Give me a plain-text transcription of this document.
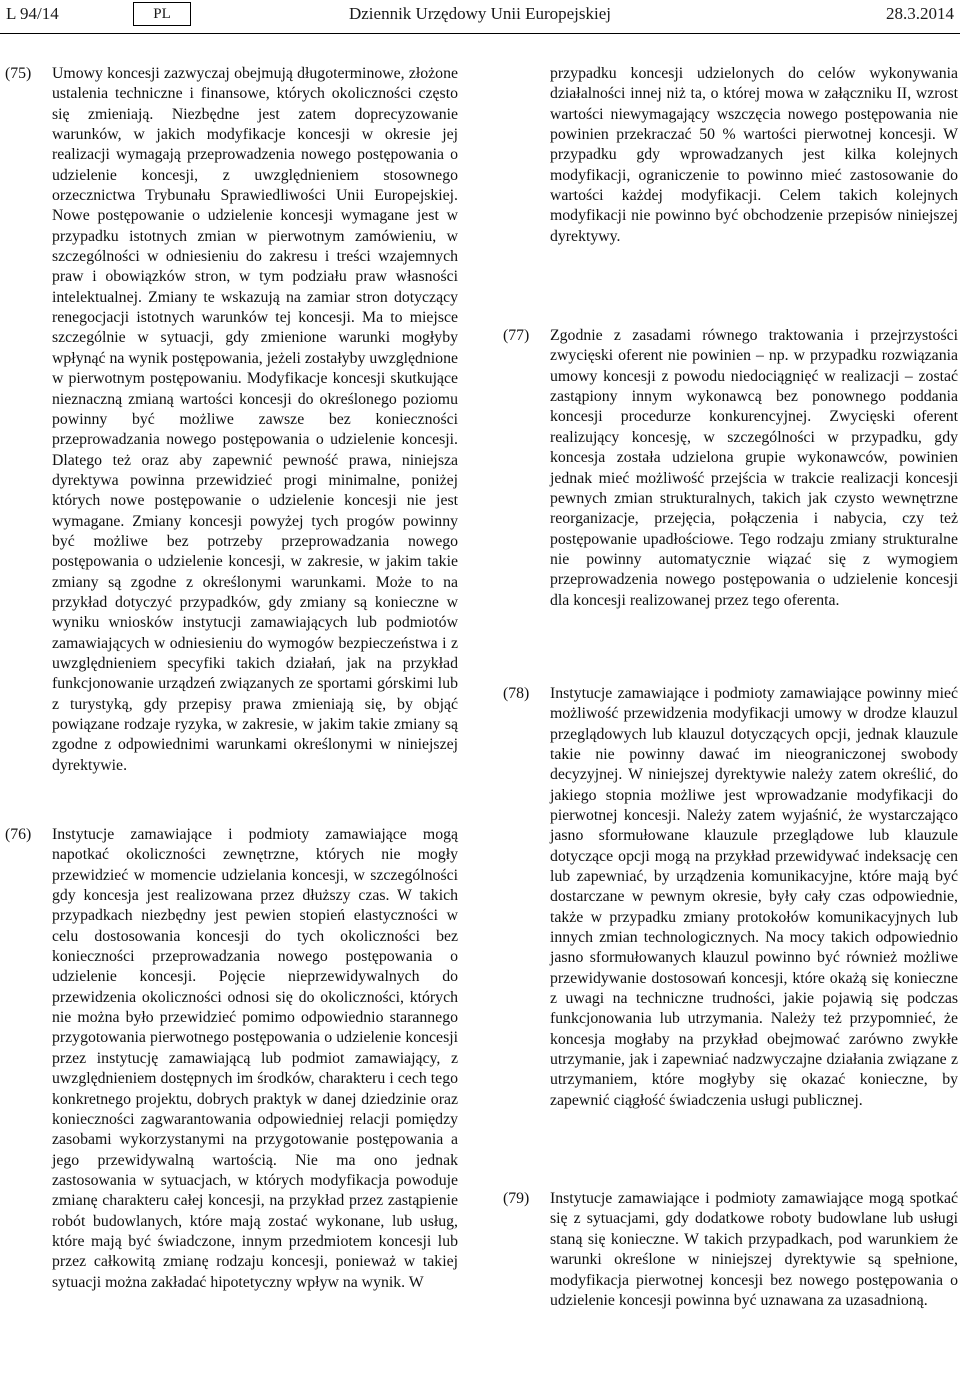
L 94/14	PL	Dziennik Urzędowy Unii Europejskiej	28.3.2014
(75) Umowy koncesji zazwyczaj obejmują długoterminowe, złożone ustalenia techniczne i finansowe, których okoliczności często się zmieniają. Niezbędne jest zatem doprecyzowanie warunków, w jakich modyfikacje koncesji w okresie jej realizacji wymagają przeprowadzenia nowego postępowania o udzielenie koncesji, z uwzględnieniem stosownego orzecznictwa Trybunału Sprawiedliwości Unii Europejskiej. Nowe postępowanie o udzielenie koncesji wymagane jest w przypadku istotnych zmian w pierwotnym zamówieniu, w szczególności w odniesieniu do zakresu i treści wzajemnych praw i obowiązków stron, w tym podziału praw własności intelektualnej. Zmiany te wskazują na zamiar stron dotyczący renegocjacji istotnych warunków tej koncesji. Ma to miejsce szczególnie w sytuacji, gdy zmienione warunki mogłyby wpłynąć na wynik postępowania, jeżeli zostałyby uwzględnione w pierwotnym postępowaniu. Modyfikacje koncesji skutkujące nieznaczną zmianą wartości koncesji do określonego poziomu powinny być możliwe zawsze bez konieczności przeprowadzania nowego postępowania o udzielenie koncesji. Dlatego też oraz aby zapewnić pewność prawa, niniejsza dyrektywa powinna przewidzieć progi minimalne, poniżej których nowe postępowanie o udzielenie koncesji nie jest wymagane. Zmiany koncesji powyżej tych progów powinny być możliwe bez potrzeby przeprowadzania nowego postępowania o udzielenie koncesji, w zakresie, w jakim takie zmiany są zgodne z określonymi warunkami. Może to na przykład dotyczyć przypadków, gdy zmiany są konieczne w wyniku wniosków instytucji zamawiających lub podmiotów zamawiających w odniesieniu do wymogów bezpieczeństwa i z uwzględnieniem specyfiki takich działań, jak na przykład funkcjonowanie urządzeń związanych ze sportami górskimi lub z turystyką, gdy przepisy prawa zmieniają się, by objąć powiązane rodzaje ryzyka, w zakresie, w jakim takie zmiany są zgodne z odpowiednimi warunkami określonymi w niniejszej dyrektywie.
(76) Instytucje zamawiające i podmioty zamawiające mogą napotkać okoliczności zewnętrzne, których nie mogły przewidzieć w momencie udzielania koncesji, w szczególności gdy koncesja jest realizowana przez dłuższy czas. W takich przypadkach niezbędny jest pewien stopień elastyczności w celu dostosowania koncesji do tych okoliczności bez konieczności przeprowadzania nowego postępowania o udzielenie koncesji. Pojęcie nieprzewidywalnych do przewidzenia okoliczności odnosi się do okoliczności, których nie można było przewidzieć pomimo odpowiednio starannego przygotowania pierwotnego postępowania o udzielenie koncesji przez instytucję zamawiającą lub podmiot zamawiający, z uwzględnieniem dostępnych im środków, charakteru i cech tego konkretnego projektu, dobrych praktyk w danej dziedzinie oraz konieczności zagwarantowania odpowiedniej relacji pomiędzy zasobami wykorzystanymi na przygotowanie postępowania a jego przewidywalną wartością. Nie ma ono jednak zastosowania w sytuacjach, w których modyfikacja powoduje zmianę charakteru całej koncesji, na przykład przez zastąpienie robót budowlanych, które mają zostać wykonane, lub usług, które mają być świadczone, innym przedmiotem koncesji lub przez całkowitą zmianę rodzaju koncesji, ponieważ w takiej sytuacji można zakładać hipotetyczny wpływ na wynik. W
przypadku koncesji udzielonych do celów wykonywania działalności innej niż ta, o której mowa w załączniku II, wzrost wartości niewymagający wszczęcia nowego postępowania nie powinien przekraczać 50 % wartości pierwotnej koncesji. W przypadku gdy wprowadzanych jest kilka kolejnych modyfikacji, ograniczenie to powinno mieć zastosowanie do wartości każdej modyfikacji. Celem takich kolejnych modyfikacji nie powinno być obchodzenie przepisów niniejszej dyrektywy.
(77) Zgodnie z zasadami równego traktowania i przejrzystości zwycięski oferent nie powinien – np. w przypadku rozwiązania umowy koncesji z powodu niedociągnięć w realizacji – zostać zastąpiony innym wykonawcą bez ponownego poddania koncesji procedurze konkurencyjnej. Zwycięski oferent realizujący koncesję, w szczególności w przypadku, gdy koncesja została udzielona grupie wykonawców, powinien jednak mieć możliwość przejścia w trakcie realizacji koncesji pewnych zmian strukturalnych, takich jak czysto wewnętrzne reorganizacje, przejęcia, połączenia i nabycia, czy też postępowanie upadłościowe. Tego rodzaju zmiany strukturalne nie powinny automatycznie wiązać się z wymogiem przeprowadzenia nowego postępowania o udzielenie koncesji dla koncesji realizowanej przez tego oferenta.
(78) Instytucje zamawiające i podmioty zamawiające powinny mieć możliwość przewidzenia modyfikacji umowy w drodze klauzul przeglądowych lub klauzul dotyczących opcji, jednak klauzule takie nie powinny dawać im nieograniczonej swobody decyzyjnej. W niniejszej dyrektywie należy zatem określić, do jakiego stopnia możliwe jest wprowadzanie modyfikacji do pierwotnej koncesji. Należy zatem wyjaśnić, że wystarczająco jasno sformułowane klauzule przeglądowe lub klauzule dotyczące opcji mogą na przykład przewidywać indeksację cen lub zapewniać, by urządzenia komunikacyjne, które mają być dostarczane w pewnym okresie, były cały czas odpowiednie, także w przypadku zmiany protokołów komunikacyjnych lub innych zmian technologicznych. Na mocy takich odpowiednio jasno sformułowanych klauzul powinno być również możliwe przewidywanie dostosowań koncesji, które okażą się konieczne z uwagi na techniczne trudności, jakie pojawią się podczas funkcjonowania lub utrzymania. Należy też przypomnieć, że koncesja mogłaby na przykład obejmować zarówno zwykłe utrzymanie, jak i zapewniać nadzwyczajne działania związane z utrzymaniem, które mogłyby się okazać konieczne, by zapewnić ciągłość świadczenia usługi publicznej.
(79) Instytucje zamawiające i podmioty zamawiające mogą spotkać się z sytuacjami, gdy dodatkowe roboty budowlane lub usługi staną się konieczne. W takich przypadkach, pod warunkiem że warunki określone w niniejszej dyrektywie są spełnione, modyfikacja pierwotnej koncesji bez nowego postępowania o udzielenie koncesji powinna być uznawana za uzasadnioną.
